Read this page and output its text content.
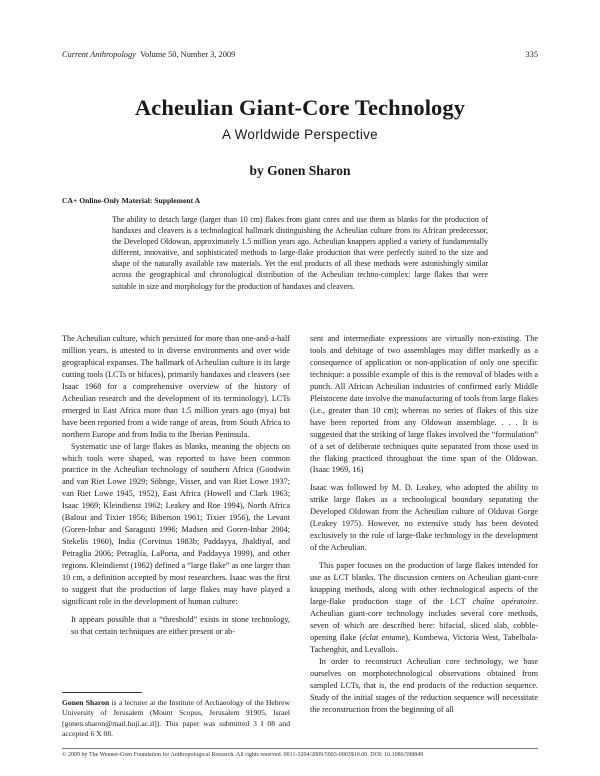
Current Anthropology Volume 50, Number 3, 2009	335
Acheulian Giant-Core Technology
A Worldwide Perspective
by Gonen Sharon
CA+ Online-Only Material: Supplement A
The ability to detach large (larger than 10 cm) flakes from giant cores and use them as blanks for the production of handaxes and cleavers is a technological hallmark distinguishing the Acheulian culture from its African predecessor, the Developed Oldowan, approximately 1.5 million years ago. Acheulian knappers applied a variety of fundamentally different, innovative, and sophisticated methods to large-flake production that were perfectly suited to the size and shape of the naturally available raw materials. Yet the end products of all these methods were astonishingly similar across the geographical and chronological distribution of the Acheulian techno-complex: large flakes that were suitable in size and morphology for the production of handaxes and cleavers.

The Acheulian culture, which persisted for more than one-and-a-half million years, is attested to in diverse environments and over wide geographical expanses. The hallmark of Acheulian culture is its large cutting tools (LCTs or bifaces), primarily handaxes and cleavers (see Isaac 1968 for a comprehensive overview of the history of Acheulian research and the development of its terminology). LCTs emerged in East Africa more than 1.5 million years ago (mya) but have been reported from a wide range of areas, from South Africa to northern Europe and from India to the Iberian Peninsula.

Systematic use of large flakes as blanks, meaning the objects on which tools were shaped, was reported to have been common practice in the Acheulian technology of southern Africa (Goodwin and van Riet Lowe 1929; Söhnge, Visser, and van Riet Lowe 1937; van Riet Lowe 1945, 1952), East Africa (Howell and Clark 1963; Isaac 1969; Kleindienst 1962; Leakey and Roe 1994), North Africa (Balout and Tixier 1956; Biberson 1961; Tixier 1956), the Levant (Goren-Inbar and Saragusti 1996; Madsen and Goren-Inbar 2004; Stekelis 1960), India (Corvinus 1983b; Paddayya, Jhaldiyal, and Petraglia 2006; Petraglia, LaPorta, and Paddayya 1999), and other regions. Kleindienst (1962) defined a “large flake” as one larger than 10 cm, a definition accepted by most researchers. Isaac was the first to suggest that the production of large flakes may have played a significant role in the development of human culture:

It appears possible that a “threshold” exists in stone technology, so that certain techniques are either present or ab-

Gonen Sharon is a lecturer at the Institute of Archaeology of the Hebrew University of Jerusalem (Mount Scopus, Jerusalem 91905, Israel [gonen.sharon@mail.huji.ac.il]). This paper was submitted 3 I 08 and accepted 6 X 08.

sent and intermediate expressions are virtually non-existing. The tools and debitage of two assemblages may differ markedly as a consequence of application or non-application of only one specific technique: a possible example of this is the removal of blades with a punch. All African Acheulian industries of confirmed early Middle Pleistocene date involve the manufacturing of tools from large flakes (i.e., greater than 10 cm); whereas no series of flakes of this size have been reported from any Oldowan assemblage. . . . It is suggested that the striking of large flakes involved the “formulation” of a set of deliberate techniques quite separated from those used in the flaking practiced throughout the time span of the Oldowan. (Isaac 1969, 16)

Isaac was followed by M. D. Leakey, who adopted the ability to strike large flakes as a technological boundary separating the Developed Oldowan from the Acheulian culture of Olduvai Gorge (Leakey 1975). However, no extensive study has been devoted exclusively to the role of large-flake technology in the development of the Acheulian.

This paper focuses on the production of large flakes intended for use as LCT blanks. The discussion centers on Acheulian giant-core knapping methods, along with other technological aspects of the large-flake production stage of the LCT chaîne opératoire. Acheulian giant-core technology includes several core methods, seven of which are described here: bifacial, sliced slab, cobble-opening flake (éclat entame), Kombewa, Victoria West, Tabelbala-Tachenghit, and Levallois.

In order to reconstruct Acheulian core technology, we base ourselves on morphotechnological observations obtained from sampled LCTs, that is, the end products of the reduction sequence. Study of the initial stages of the reduction sequence will necessitate the reconstruction from the beginning of all

© 2009 by The Wenner-Gren Foundation for Anthropological Research. All rights reserved. 0011-3204/2009/5003-0003$10.00. DOI: 10.1086/598849
